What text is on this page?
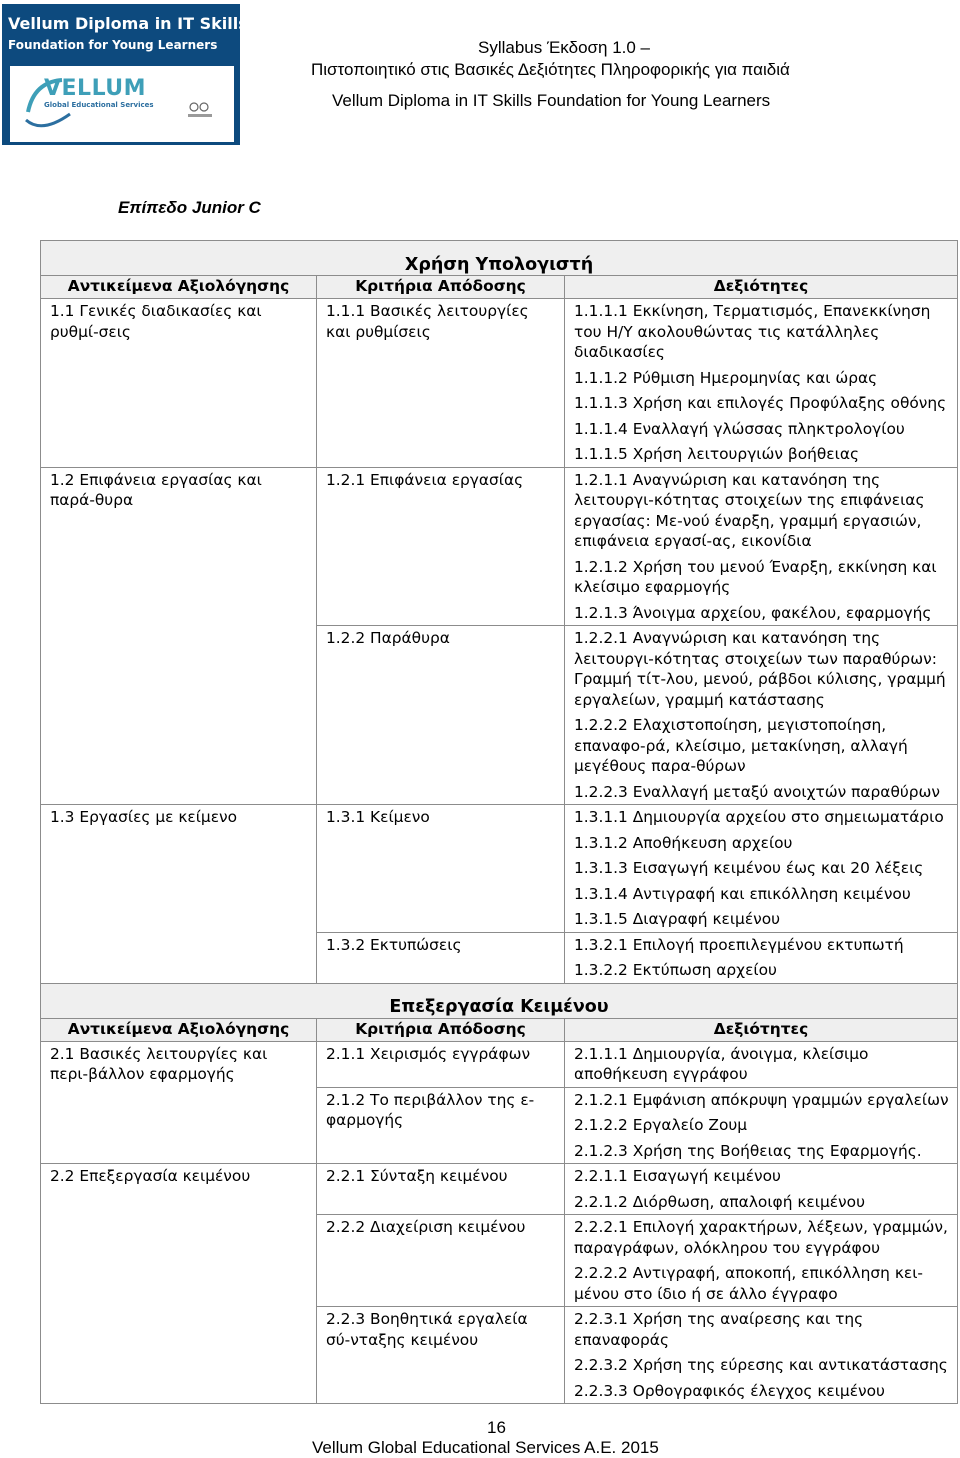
Vellum Diploma in IT Skills
Foundation for Young Learners
VELLUM
Global Educational Services
Syllabus Έκδοση 1.0 –
Πιστοποιητικό στις Βασικές Δεξιότητες Πληροφορικής για παιδιά
Vellum Diploma in IT Skills Foundation for Young Learners
Επίπεδο Junior C
Χρήση Υπολογιστή		
Αντικείμενα Αξιολόγησης	Κριτήρια Απόδοσης	Δεξιότητες
1.1 Γενικές διαδικασίες και ρυθμί-σεις	1.1.1 Βασικές λειτουργίες και ρυθμίσεις	1.1.1.1 Εκκίνηση, Τερματισμός, Επανεκκίνηση του Η/Υ ακολουθώντας τις κατάλληλες διαδικασίες
1.1.1.2 Ρύθμιση Ημερομηνίας και ώρας
1.1.1.3 Χρήση και επιλογές Προφύλαξης οθόνης
1.1.1.4 Εναλλαγή γλώσσας πληκτρολογίου
1.1.1.5 Χρήση λειτουργιών βοήθειας

1.2 Επιφάνεια εργασίας και παρά-θυρα	1.2.1 Επιφάνεια εργασίας	1.2.1.1 Αναγνώριση και κατανόηση της λειτουργι-κότητας στοιχείων της επιφάνειας εργασίας: Με-νού έναρξη, γραμμή εργασιών, επιφάνεια εργασί-ας, εικονίδια
1.2.1.2 Χρήση του μενού Έναρξη, εκκίνηση και κλείσιμο εφαρμογής
1.2.1.3 Άνοιγμα αρχείου, φακέλου, εφαρμογής

	1.2.2 Παράθυρα	1.2.2.1 Αναγνώριση και κατανόηση της λειτουργι-κότητας στοιχείων των παραθύρων: Γραμμή τίτ-λου, μενού, ράβδοι κύλισης, γραμμή εργαλείων, γραμμή κατάστασης
1.2.2.2 Ελαχιστοποίηση, μεγιστοποίηση, επαναφο-ρά, κλείσιμο, μετακίνηση, αλλαγή μεγέθους παρα-θύρων
1.2.2.3 Εναλλαγή μεταξύ ανοιχτών παραθύρων

1.3 Εργασίες με κείμενο	1.3.1 Κείμενο	1.3.1.1 Δημιουργία αρχείου στο σημειωματάριο
1.3.1.2 Αποθήκευση αρχείου
1.3.1.3 Εισαγωγή κειμένου έως και 20 λέξεις
1.3.1.4 Αντιγραφή και επικόλληση κειμένου
1.3.1.5 Διαγραφή κειμένου

	1.3.2 Εκτυπώσεις	1.3.2.1 Επιλογή προεπιλεγμένου εκτυπωτή
1.3.2.2 Εκτύπωση αρχείου

Επεξεργασία Κειμένου		
Αντικείμενα Αξιολόγησης	Κριτήρια Απόδοσης	Δεξιότητες
2.1 Βασικές λειτουργίες και περι-βάλλον εφαρμογής	2.1.1 Χειρισμός εγγράφων	2.1.1.1 Δημιουργία, άνοιγμα, κλείσιμο αποθήκευση εγγράφου

	2.1.2 Το περιβάλλον της ε-φαρμογής	2.1.2.1 Εμφάνιση απόκρυψη γραμμών εργαλείων
2.1.2.2 Εργαλείο Ζουμ
2.1.2.3 Χρήση της Βοήθειας της Εφαρμογής.

2.2 Επεξεργασία κειμένου	2.2.1 Σύνταξη κειμένου	2.2.1.1 Εισαγωγή κειμένου
2.2.1.2 Διόρθωση, απαλοιφή κειμένου

	2.2.2 Διαχείριση κειμένου	2.2.2.1 Επιλογή χαρακτήρων, λέξεων, γραμμών, παραγράφων, ολόκληρου του εγγράφου
2.2.2.2 Αντιγραφή, αποκοπή, επικόλληση κει-μένου στο ίδιο ή σε άλλο έγγραφο

	2.2.3 Βοηθητικά εργαλεία σύ-νταξης κειμένου	2.2.3.1 Χρήση της αναίρεσης και της επαναφοράς
2.2.3.2 Χρήση της εύρεσης και αντικατάστασης
2.2.3.3 Ορθογραφικός έλεγχος κειμένου
16
Vellum Global Educational Services A.E. 2015
